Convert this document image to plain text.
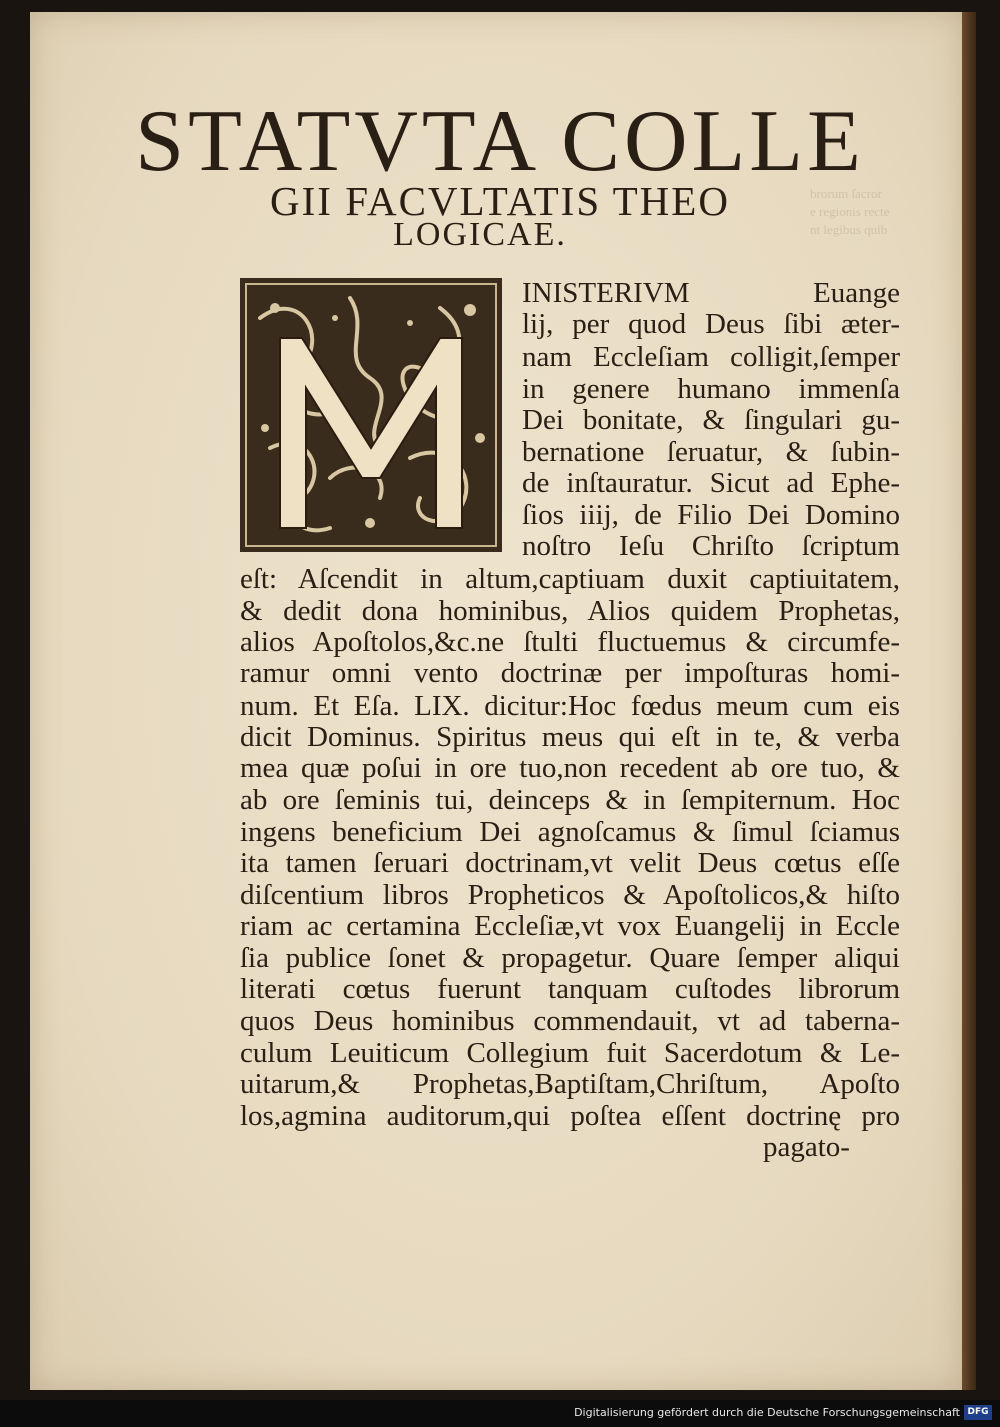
brorum ſacror
e regionis recte
nt legibus quib
STATVTA COLLE
GII FACVLTATIS THEO
LOGICAE.
INISTERIVM Euange
lij, per quod Deus ſibi æter-
nam Eccleſiam colligit,ſemper
in genere humano immenſa
Dei bonitate, & ſingulari gu-
bernatione ſeruatur, & ſubin-
de inſtauratur. Sicut ad Ephe-
ſios iiij, de Filio Dei Domino
noſtro Ieſu Chriſto ſcriptum
eſt: Aſcendit in altum,captiuam duxit captiuitatem,
& dedit dona hominibus, Alios quidem Prophetas,
alios Apoſtolos,&c.ne ſtulti fluctuemus & circumfe-
ramur omni vento doctrinæ per impoſturas homi-
num. Et Eſa. LIX. dicitur:Hoc fœdus meum cum eis
dicit Dominus. Spiritus meus qui eſt in te, & verba
mea quæ poſui in ore tuo,non recedent ab ore tuo, &
ab ore ſeminis tui, deinceps & in ſempiternum. Hoc
ingens beneficium Dei agnoſcamus & ſimul ſciamus
ita tamen ſeruari doctrinam,vt velit Deus cœtus eſſe
diſcentium libros Propheticos & Apoſtolicos,& hiſto
riam ac certamina Eccleſiæ,vt vox Euangelij in Eccle
ſia publice ſonet & propagetur. Quare ſemper aliqui
literati cœtus fuerunt tanquam cuſtodes librorum
quos Deus hominibus commendauit, vt ad taberna-
culum Leuiticum Collegium fuit Sacerdotum & Le-
uitarum,& Prophetas,Baptiſtam,Chriſtum, Apoſto
los,agmina auditorum,qui poſtea eſſent doctrinę pro
pagato-
Digitalisierung gefördert durch die Deutsche Forschungsgemeinschaft DFG
